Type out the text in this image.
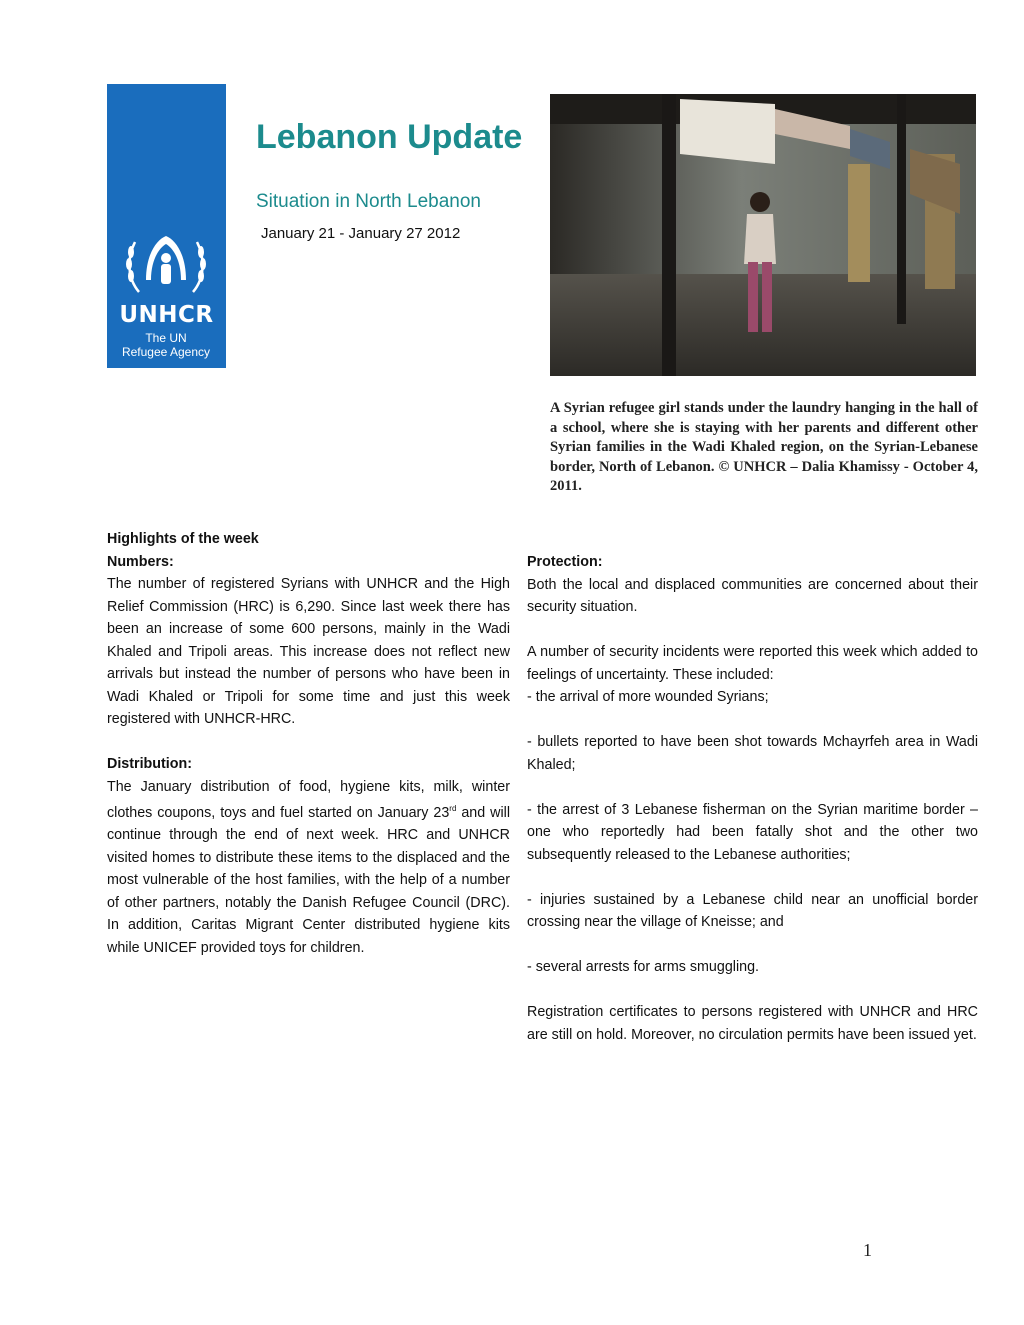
UNHCR
The UN
Refugee Agency
Lebanon Update
Situation in North Lebanon
January 21 - January 27 2012
A Syrian refugee girl stands under the laundry hanging in the hall of a school, where she is staying with her parents and different other Syrian families in the Wadi Khaled region, on the Syrian-Lebanese border, North of Lebanon. © UNHCR – Dalia Khamissy - October 4, 2011.

Highlights of the week

Numbers:

The number of registered Syrians with UNHCR and the High Relief Commission (HRC) is 6,290. Since last week there has been an increase of some 600 persons, mainly in the Wadi Khaled and Tripoli areas. This increase does not reflect new arrivals but instead the number of persons who have been in Wadi Khaled or Tripoli for some time and just this week registered with UNHCR-HRC.

Distribution:

The January distribution of food, hygiene kits, milk, winter clothes coupons, toys and fuel started on January 23rd and will continue through the end of next week. HRC and UNHCR visited homes to distribute these items to the displaced and the most vulnerable of the host families, with the help of a number of other partners, notably the Danish Refugee Council (DRC). In addition, Caritas Migrant Center distributed hygiene kits while UNICEF provided toys for children.

Protection:

Both the local and displaced communities are concerned about their security situation.

A number of security incidents were reported this week which added to feelings of uncertainty. These included:

- the arrival of more wounded Syrians;

- bullets reported to have been shot towards Mchayrfeh area in Wadi Khaled;

- the arrest of 3 Lebanese fisherman on the Syrian maritime border – one who reportedly had been fatally shot and the other two subsequently released to the Lebanese authorities;

- injuries sustained by a Lebanese child near an unofficial border crossing near the village of Kneisse; and

- several arrests for arms smuggling.

Registration certificates to persons registered with UNHCR and HRC are still on hold. Moreover, no circulation permits have been issued yet.

1
